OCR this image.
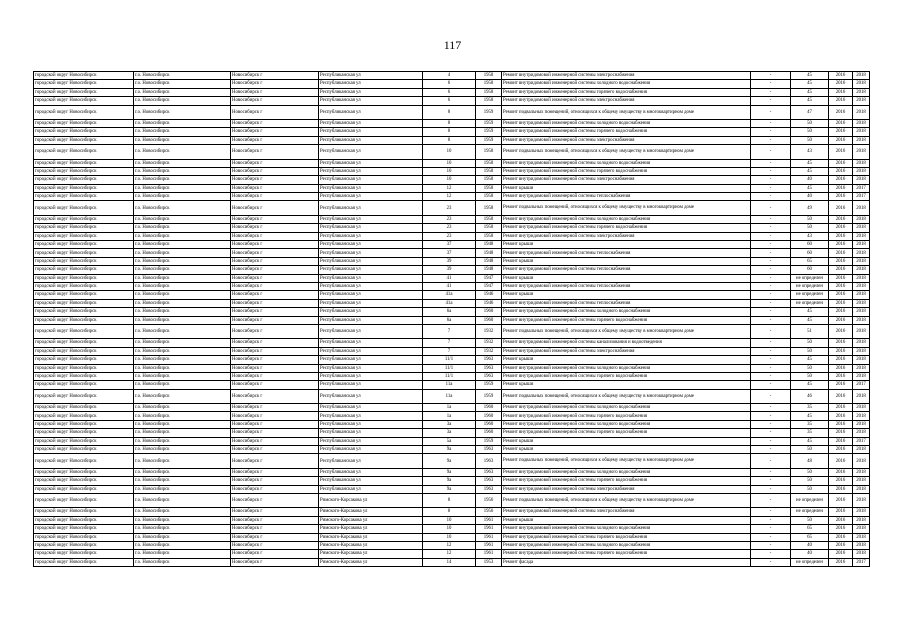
117
городской округ Новосибирск	г.о. Новосибирск	Новосибирск г	Республиканская ул	4	1958	Ремонт внутридомовой инженерной системы электроснабжения	-	45	2016	2018
городской округ Новосибирск	г.о. Новосибирск	Новосибирск г	Республиканская ул	6	1958	Ремонт внутридомовой инженерной системы холодного водоснабжения	-	45	2016	2018
городской округ Новосибирск	г.о. Новосибирск	Новосибирск г	Республиканская ул	6	1958	Ремонт внутридомовой инженерной системы горячего водоснабжения	-	45	2016	2018
городской округ Новосибирск	г.о. Новосибирск	Новосибирск г	Республиканская ул	6	1958	Ремонт внутридомовой инженерной системы электроснабжения	-	45	2016	2018
городской округ Новосибирск	г.о. Новосибирск	Новосибирск г	Республиканская ул	8	1959	Ремонт подвальных помещений, относящихся к общему имуществу в многоквартирном доме	-	47	2016	2018
городской округ Новосибирск	г.о. Новосибирск	Новосибирск г	Республиканская ул	8	1959	Ремонт внутридомовой инженерной системы холодного водоснабжения	-	50	2016	2018
городской округ Новосибирск	г.о. Новосибирск	Новосибирск г	Республиканская ул	8	1959	Ремонт внутридомовой инженерной системы горячего водоснабжения	-	50	2016	2018
городской округ Новосибирск	г.о. Новосибирск	Новосибирск г	Республиканская ул	8	1959	Ремонт внутридомовой инженерной системы электроснабжения	-	50	2016	2018
городской округ Новосибирск	г.о. Новосибирск	Новосибирск г	Республиканская ул	10	1958	Ремонт подвальных помещений, относящихся к общему имуществу в многоквартирном доме	-	43	2016	2018
городской округ Новосибирск	г.о. Новосибирск	Новосибирск г	Республиканская ул	10	1958	Ремонт внутридомовой инженерной системы холодного водоснабжения	-	45	2016	2018
городской округ Новосибирск	г.о. Новосибирск	Новосибирск г	Республиканская ул	10	1958	Ремонт внутридомовой инженерной системы горячего водоснабжения	-	45	2016	2018
городской округ Новосибирск	г.о. Новосибирск	Новосибирск г	Республиканская ул	10	1958	Ремонт внутридомовой инженерной системы электроснабжения	-	40	2016	2018
городской округ Новосибирск	г.о. Новосибирск	Новосибирск г	Республиканская ул	12	1958	Ремонт крыши	-	45	2016	2017
городской округ Новосибирск	г.о. Новосибирск	Новосибирск г	Республиканская ул	12	1958	Ремонт внутридомовой инженерной системы теплоснабжения	-	40	2016	2017
городской округ Новосибирск	г.о. Новосибирск	Новосибирск г	Республиканская ул	23	1958	Ремонт подвальных помещений, относящихся к общему имуществу в многоквартирном доме	-	49	2016	2018
городской округ Новосибирск	г.о. Новосибирск	Новосибирск г	Республиканская ул	23	1958	Ремонт внутридомовой инженерной системы холодного водоснабжения	-	50	2016	2018
городской округ Новосибирск	г.о. Новосибирск	Новосибирск г	Республиканская ул	23	1958	Ремонт внутридомовой инженерной системы горячего водоснабжения	-	50	2016	2018
городской округ Новосибирск	г.о. Новосибирск	Новосибирск г	Республиканская ул	23	1958	Ремонт внутридомовой инженерной системы электроснабжения	-	43	2016	2018
городской округ Новосибирск	г.о. Новосибирск	Новосибирск г	Республиканская ул	37	1948	Ремонт крыши	-	60	2016	2018
городской округ Новосибирск	г.о. Новосибирск	Новосибирск г	Республиканская ул	37	1948	Ремонт внутридомовой инженерной системы теплоснабжения	-	60	2016	2018
городской округ Новосибирск	г.о. Новосибирск	Новосибирск г	Республиканская ул	39	1948	Ремонт крыши	-	65	2016	2018
городской округ Новосибирск	г.о. Новосибирск	Новосибирск г	Республиканская ул	39	1948	Ремонт внутридомовой инженерной системы теплоснабжения	-	60	2016	2018
городской округ Новосибирск	г.о. Новосибирск	Новосибирск г	Республиканская ул	41	1947	Ремонт крыши	-	не определен	2016	2018
городской округ Новосибирск	г.о. Новосибирск	Новосибирск г	Республиканская ул	41	1947	Ремонт внутридомовой инженерной системы теплоснабжения	-	не определен	2016	2018
городской округ Новосибирск	г.о. Новосибирск	Новосибирск г	Республиканская ул	41а	1946	Ремонт крыши	-	не определен	2016	2018
городской округ Новосибирск	г.о. Новосибирск	Новосибирск г	Республиканская ул	41а	1946	Ремонт внутридомовой инженерной системы теплоснабжения	-	не определен	2016	2018
городской округ Новосибирск	г.о. Новосибирск	Новосибирск г	Республиканская ул	6а	1960	Ремонт внутридомовой инженерной системы холодного водоснабжения	-	45	2016	2018
городской округ Новосибирск	г.о. Новосибирск	Новосибирск г	Республиканская ул	6а	1960	Ремонт внутридомовой инженерной системы горячего водоснабжения	-	45	2016	2018
городской округ Новосибирск	г.о. Новосибирск	Новосибирск г	Республиканская ул	7	1932	Ремонт подвальных помещений, относящихся к общему имуществу в многоквартирном доме	-	51	2016	2018
городской округ Новосибирск	г.о. Новосибирск	Новосибирск г	Республиканская ул	7	1932	Ремонт внутридомовой инженерной системы канализования и водоотведения	-	50	2016	2018
городской округ Новосибирск	г.о. Новосибирск	Новосибирск г	Республиканская ул	7	1932	Ремонт внутридомовой инженерной системы электроснабжения	-	50	2016	2018
городской округ Новосибирск	г.о. Новосибирск	Новосибирск г	Республиканская ул	11/1	1963	Ремонт крыши	-	45	2016	2018
городской округ Новосибирск	г.о. Новосибирск	Новосибирск г	Республиканская ул	11/1	1963	Ремонт внутридомовой инженерной системы холодного водоснабжения	-	50	2016	2018
городской округ Новосибирск	г.о. Новосибирск	Новосибирск г	Республиканская ул	11/1	1963	Ремонт внутридомовой инженерной системы горячего водоснабжения	-	50	2016	2018
городской округ Новосибирск	г.о. Новосибирск	Новосибирск г	Республиканская ул	11а	1959	Ремонт крыши	-	45	2016	2017
городской округ Новосибирск	г.о. Новосибирск	Новосибирск г	Республиканская ул	11а	1959	Ремонт подвальных помещений, относящихся к общему имуществу в многоквартирном доме	-	46	2016	2018
городской округ Новосибирск	г.о. Новосибирск	Новосибирск г	Республиканская ул	1а	1960	Ремонт внутридомовой инженерной системы холодного водоснабжения	-	35	2016	2018
городской округ Новосибирск	г.о. Новосибирск	Новосибирск г	Республиканская ул	1а	1960	Ремонт внутридомовой инженерной системы горячего водоснабжения	-	45	2016	2018
городской округ Новосибирск	г.о. Новосибирск	Новосибирск г	Республиканская ул	3а	1960	Ремонт внутридомовой инженерной системы холодного водоснабжения	-	35	2016	2018
городской округ Новосибирск	г.о. Новосибирск	Новосибирск г	Республиканская ул	3а	1960	Ремонт внутридомовой инженерной системы горячего водоснабжения	-	35	2016	2018
городской округ Новосибирск	г.о. Новосибирск	Новосибирск г	Республиканская ул	5а	1959	Ремонт крыши	-	45	2016	2017
городской округ Новосибирск	г.о. Новосибирск	Новосибирск г	Республиканская ул	9а	1963	Ремонт крыши	-	50	2016	2018
городской округ Новосибирск	г.о. Новосибирск	Новосибирск г	Республиканская ул	9а	1963	Ремонт подвальных помещений, относящихся к общему имуществу в многоквартирном доме	-	48	2016	2018
городской округ Новосибирск	г.о. Новосибирск	Новосибирск г	Республиканская ул	9а	1963	Ремонт внутридомовой инженерной системы холодного водоснабжения	-	50	2016	2018
городской округ Новосибирск	г.о. Новосибирск	Новосибирск г	Республиканская ул	9а	1963	Ремонт внутридомовой инженерной системы горячего водоснабжения	-	50	2016	2018
городской округ Новосибирск	г.о. Новосибирск	Новосибирск г	Республиканская ул	9а	1963	Ремонт внутридомовой инженерной системы электроснабжения	-	50	2016	2018
городской округ Новосибирск	г.о. Новосибирск	Новосибирск г	Римского-Корсакова ул	8	1956	Ремонт подвальных помещений, относящихся к общему имуществу в многоквартирном доме	-	не определен	2016	2018
городской округ Новосибирск	г.о. Новосибирск	Новосибирск г	Римского-Корсакова ул	8	1956	Ремонт внутридомовой инженерной системы электроснабжения	-	не определен	2016	2018
городской округ Новосибирск	г.о. Новосибирск	Новосибирск г	Римского-Корсакова ул	10	1961	Ремонт крыши	-	50	2016	2018
городской округ Новосибирск	г.о. Новосибирск	Новосибирск г	Римского-Корсакова ул	10	1961	Ремонт внутридомовой инженерной системы холодного водоснабжения	-	65	2016	2018
городской округ Новосибирск	г.о. Новосибирск	Новосибирск г	Римского-Корсакова ул	10	1961	Ремонт внутридомовой инженерной системы горячего водоснабжения	-	65	2016	2018
городской округ Новосибирск	г.о. Новосибирск	Новосибирск г	Римского-Корсакова ул	12	1961	Ремонт внутридомовой инженерной системы холодного водоснабжения	-	40	2016	2018
городской округ Новосибирск	г.о. Новосибирск	Новосибирск г	Римского-Корсакова ул	12	1961	Ремонт внутридомовой инженерной системы горячего водоснабжения	-	40	2016	2018
городской округ Новосибирск	г.о. Новосибирск	Новосибирск г	Римского-Корсакова ул	14	1953	Ремонт фасада	-	не определен	2016	2017
